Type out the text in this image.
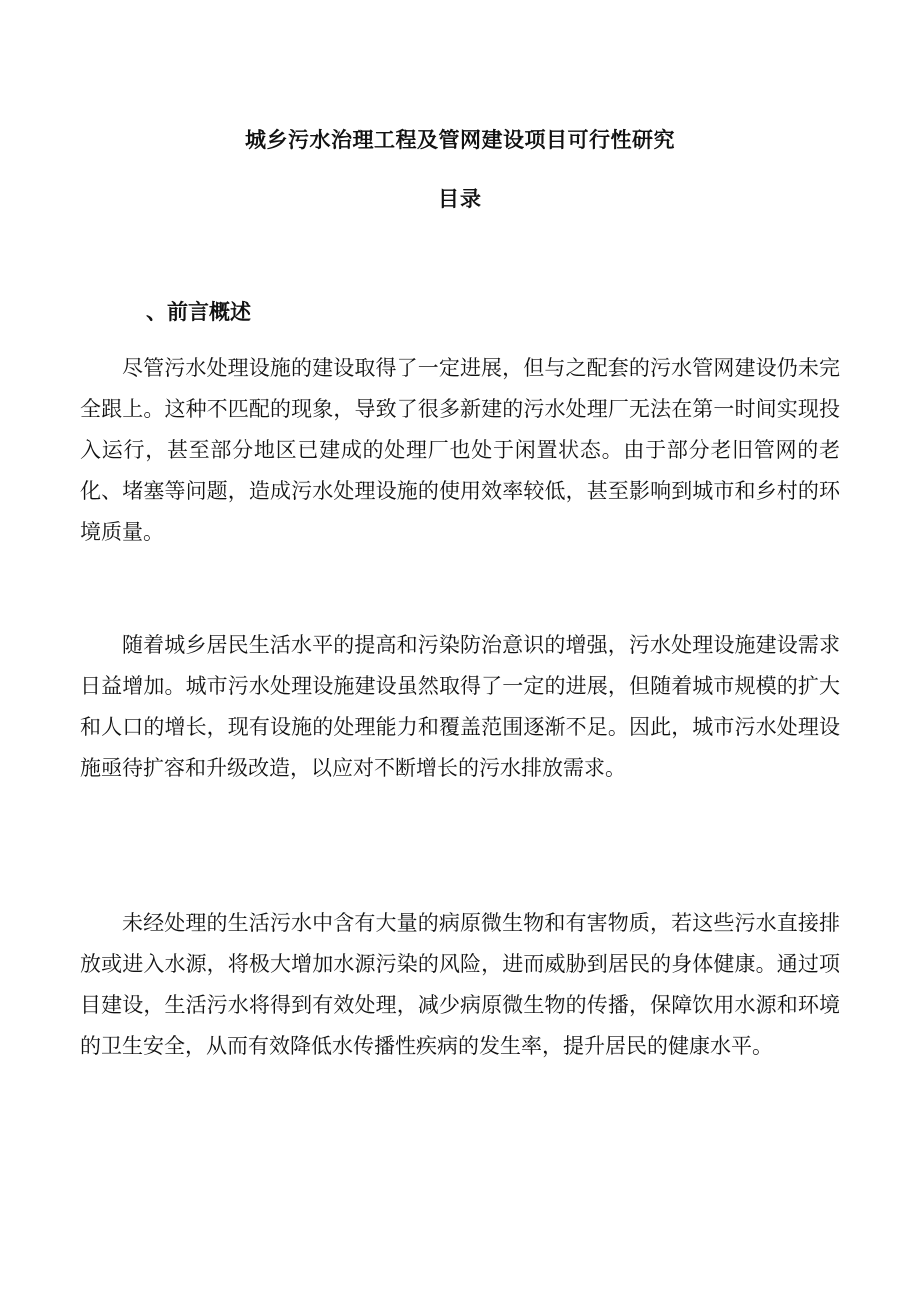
城乡污水治理工程及管网建设项目可行性研究
目录
、前言概述

尽管污水处理设施的建设取得了一定进展，但与之配套的污水管网建设仍未完全跟上。这种不匹配的现象，导致了很多新建的污水处理厂无法在第一时间实现投入运行，甚至部分地区已建成的处理厂也处于闲置状态。由于部分老旧管网的老化、堵塞等问题，造成污水处理设施的使用效率较低，甚至影响到城市和乡村的环境质量。

随着城乡居民生活水平的提高和污染防治意识的增强，污水处理设施建设需求日益增加。城市污水处理设施建设虽然取得了一定的进展，但随着城市规模的扩大和人口的增长，现有设施的处理能力和覆盖范围逐渐不足。因此，城市污水处理设施亟待扩容和升级改造，以应对不断增长的污水排放需求。

未经处理的生活污水中含有大量的病原微生物和有害物质，若这些污水直接排放或进入水源，将极大增加水源污染的风险，进而威胁到居民的身体健康。通过项目建设，生活污水将得到有效处理，减少病原微生物的传播，保障饮用水源和环境的卫生安全，从而有效降低水传播性疾病的发生率，提升居民的健康水平。
